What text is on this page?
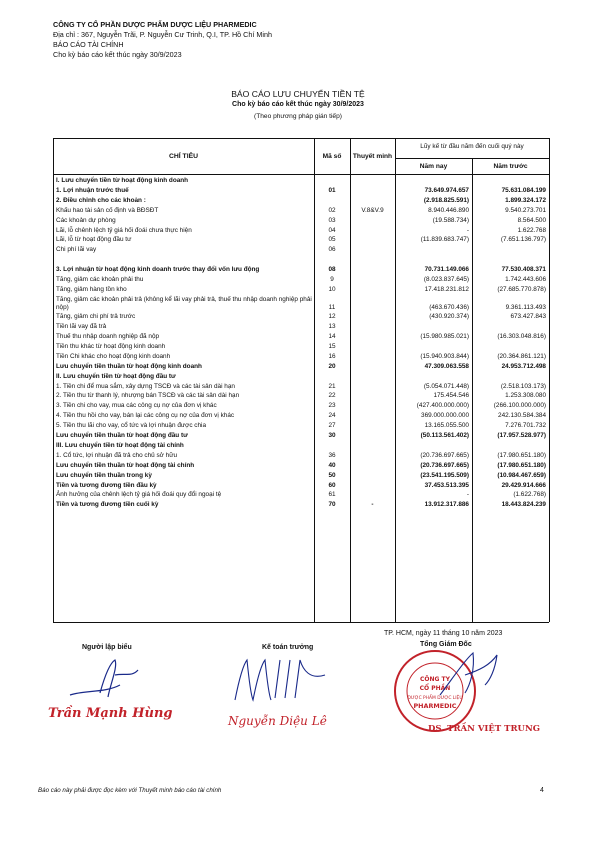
CÔNG TY CỔ PHẦN DƯỢC PHẨM DƯỢC LIỆU PHARMEDIC
Địa chỉ : 367, Nguyễn Trãi, P. Nguyễn Cư Trinh, Q.I, TP. Hồ Chí Minh
BÁO CÁO TÀI CHÍNH
Cho kỳ báo cáo kết thúc ngày 30/9/2023
BÁO CÁO LƯU CHUYỂN TIỀN TỆ
Cho kỳ báo cáo kết thúc ngày 30/9/2023
(Theo phương pháp gián tiếp)
CHỈ TIÊU	Mã số	Thuyết minh
Lũy kế từ đầu năm đến cuối quý này
Năm nay	Năm trước
I. Lưu chuyển tiền từ hoạt động kinh doanh
1. Lợi nhuận trước thuế	01	73.649.974.657	75.631.084.199
2. Điều chỉnh cho các khoản :	(2.918.825.591)	1.899.324.172
Khấu hao tài sản cố định và BĐSĐT	02	V.8&V.9	8.940.446.890	9.540.273.701
Các khoản dự phòng	03	(19.588.734)	8.564.500
Lãi, lỗ chênh lệch tỷ giá hối đoái chưa thực hiện	04	-	1.622.768
Lãi, lỗ từ hoạt động đầu tư	05	(11.839.683.747)	(7.651.136.797)
Chi phí lãi vay	06
3. Lợi nhuận từ hoạt động kinh doanh trước thay đổi vốn lưu động	08	70.731.149.066	77.530.408.371
Tăng, giảm các khoản phải thu	9	(8.023.837.645)	1.742.443.606
Tăng, giảm hàng tồn kho	10	17.418.231.812	(27.685.770.878)
Tăng, giảm các khoản phải trả (không kể lãi vay phải trả, thuế thu nhập doanh nghiệp phải nộp)	11	(463.670.436)	9.361.113.493
Tăng, giảm chi phí trả trước	12	(430.920.374)	673.427.843
Tiền lãi vay đã trả	13
Thuế thu nhập doanh nghiệp đã nộp	14	(15.980.985.021)	(16.303.048.816)
Tiền thu khác từ hoạt động kinh doanh	15
Tiền Chi khác cho hoạt động kinh doanh	16	(15.940.903.844)	(20.364.861.121)
Lưu chuyển tiền thuần từ hoạt động kinh doanh	20	47.309.063.558	24.953.712.498
II. Lưu chuyển tiền từ hoạt động đầu tư
1. Tiền chi để mua sắm, xây dựng TSCĐ và các tài sản dài hạn	21	(5.054.071.448)	(2.518.103.173)
2. Tiền thu từ thanh lý, nhượng bán TSCĐ và các tài sản dài hạn	22	175.454.546	1.253.308.080
3. Tiền chi cho vay, mua các công cụ nợ của đơn vị khác	23	(427.400.000.000)	(266.100.000.000)
4. Tiền thu hồi cho vay, bán lại các công cụ nợ của đơn vị khác	24	369.000.000.000	242.130.584.384
5. Tiền thu lãi cho vay, cổ tức và lợi nhuận được chia	27	13.165.055.500	7.276.701.732
Lưu chuyển tiền thuần từ hoạt động đầu tư	30	(50.113.561.402)	(17.957.528.977)
III. Lưu chuyển tiền từ hoạt động tài chính
1. Cổ tức, lợi nhuận đã trả cho chủ sở hữu	36	(20.736.697.665)	(17.980.651.180)
Lưu chuyển tiền thuần từ hoạt động tài chính	40	(20.736.697.665)	(17.980.651.180)
Lưu chuyển tiền thuần trong kỳ	50	(23.541.195.509)	(10.984.467.659)
Tiền và tương đương tiền đầu kỳ	60	37.453.513.395	29.429.914.666
Ảnh hưởng của chênh lệch tỷ giá hối đoái quy đổi ngoại tệ	61	-	(1.622.768)
Tiền và tương đương tiền cuối kỳ	70	-	13.912.317.886	18.443.824.239
TP. HCM, ngày 11 tháng 10 năm 2023
Người lập biểu	Kế toán trưởng	Tổng Giám Đốc
Trần Mạnh Hùng	Nguyễn Diệu Lê
CÔNG TY
CỔ PHẦN
DƯỢC PHẨM DƯỢC LIỆU
PHARMEDIC
DS. TRẦN VIỆT TRUNG
Báo cáo này phải được đọc kèm với Thuyết minh báo cáo tài chính	4
